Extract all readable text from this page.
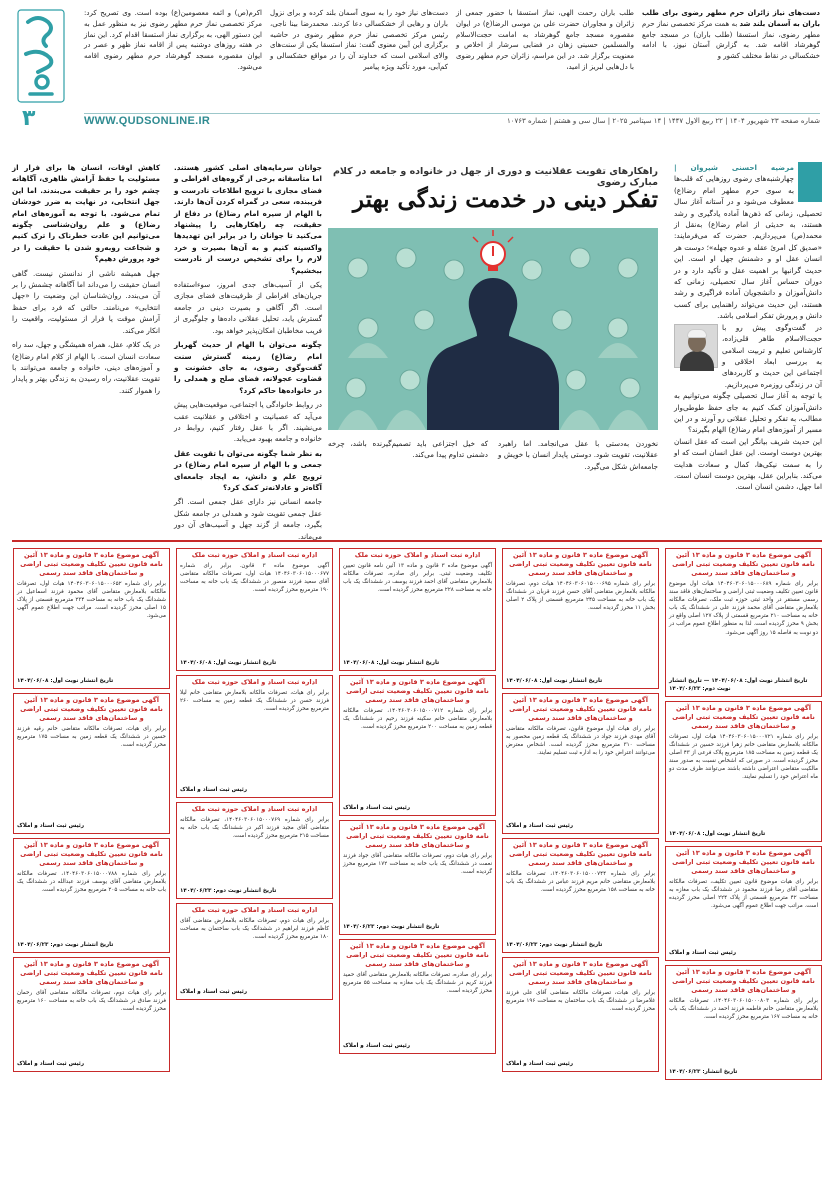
۳
دست‌های نیاز زائران حرم مطهر رضوی برای طلب باران به آسمان بلند شد به همت مرکز تخصصی نماز حرم مطهر رضوی، نماز استسقا (طلب باران) در مسجد جامع گوهرشاد اقامه شد. به گزارش آستان نیوز، با ادامه خشکسالی در نقاط مختلف کشور و
طلب باران رحمت الهی، نماز استسقا با حضور جمعی از زائران و مجاوران حضرت علی بن موسی الرضا(ع) در ایوان مقصوره مسجد جامع گوهرشاد به امامت حجت‌الاسلام والمسلمین حسینی زهان در فضایی سرشار از اخلاص و معنویت برگزار شد. در این مراسم، زائران حرم مطهر رضوی با دل‌هایی لبریز از امید،
دست‌های نیاز خود را به سوی آسمان بلند کرده و برای نزول باران و رهایی از خشکسالی دعا کردند. محمدرضا بینا ناجی، رئیس مرکز تخصصی نماز حرم مطهر رضوی در حاشیه برگزاری این آیین معنوی گفت: نماز استسقا یکی از سنت‌های والای اسلامی است که خداوند آن را در مواقع خشکسالی و کم‌آبی، مورد تأکید ویژه پیامبر
اکرم(ص) و ائمه معصومین(ع) بوده است. وی تصریح کرد: مرکز تخصصی نماز حرم مطهر رضوی نیز به منظور عمل به این دستور الهی، به برگزاری نماز استسقا اقدام کرد. این نماز در هفته روزهای دوشنبه پس از اقامه نماز ظهر و عصر در ایوان مقصوره مسجد گوهرشاد حرم مطهر رضوی اقامه می‌شود.
WWW.QUDSONLINE.IR	شماره صفحه ۲۳ شهریور ۱۴۰۴ | ۲۲ ربیع الاول ۱۴۴۷ | ۱۴ سپتامبر ۲۰۲۵ | سال سی و هشتم | شماره ۱۰۷۶۳

مرضیه احسنی شیروان | چهارشنبه‌های رضوی روزهایی که قلب‌ها به سوی حرم مطهر امام رضا(ع) معطوف می‌شود و در آستانه آغاز سال تحصیلی، زمانی که ذهن‌ها آماده یادگیری و رشد هستند، به حدیثی از امام رضا(ع) به‌نقل از محمد(ص) می‌پردازیم. حضرت که می‌فرمایند: «صدیق کل امرئ عقله و عدوه جهله»؛ دوست هر انسان عقل او و دشمنش جهل او است. این حدیث گرانبها بر اهمیت عقل و تأکید دارد و در دوران حساس آغاز سال تحصیلی، زمانی که دانش‌آموزان و دانشجویان آماده فراگیری و رشد هستند، این حدیث می‌تواند راهنمایی برای کسب دانش و پرورش تفکر اسلامی باشد.

در گفت‌وگوی پیش رو با حجت‌الاسلام طاهر قلی‌زاده، کارشناس تعلیم و تربیت اسلامی به بررسی ابعاد اخلاقی و اجتماعی این حدیث و کاربردهای آن در زندگی روزمره می‌پردازیم.

با توجه به آغاز سال تحصیلی چگونه می‌توانیم به دانش‌آموزان کمک کنیم به جای حفظ طوطی‌وار مطالب، به تفکر و تحلیل عقلانی رو آورند و در این مسیر از آموزه‌های امام رضا(ع) الهام بگیرند؟

این حدیث شریف بیانگر این است که عقل انسان بهترین دوست اوست. این عقل انسان است که او را به سمت نیکی‌ها، کمال و سعادت هدایت می‌کند. بنابراین عقل، بهترین دوست انسان است. اما جهل، دشمن انسان است.

راهکارهای تقویت عقلانیت و دوری از جهل در خانواده و جامعه در کلام مبارک رضوی
تفکر دینی در خدمت زندگی بهتر
نخوردن به‌دستی با عقل می‌انجامد. اما راهبرد عقلانیت، تقویت شود. دوستی پایدار انسان با خویش و جامعه‌اش شکل می‌گیرد.
که خیل اجتزاعی باید تصمیم‌گیرنده باشد، چرخه دشمنی تداوم پیدا می‌کند.

جوانان سرمایه‌های اصلی کشور هستند. اما متأسفانه برخی از گروه‌های افراطی و فضای مجازی با ترویج اطلاعات نادرست و فریبنده، سعی در گمراه کردن آن‌ها دارند. با الهام از سیره امام رضا(ع) در دفاع از حقیقت، چه راهکارهایی را پیشنهاد می‌کنید تا جوانان را در برابر این تهدیدها واکسینه کنیم و به آن‌ها بصیرت و خرد لازم را برای تشخیص درست از نادرست ببخشیم؟

یکی از آسیب‌های جدی امروز، سوءاستفاده جریان‌های افراطی از ظرفیت‌های فضای مجازی است. اگر آگاهی و بصیرت دینی در جامعه گسترش یابد، تحلیل عقلانی داده‌ها و جلوگیری از فریب مخاطبان امکان‌پذیر خواهد بود.

چگونه می‌توان با الهام از حدیث گهربار امام رضا(ع) زمینه گسترش سنت گفت‌وگوی رضوی، به جای خشونت و قضاوت عجولانه، فضای صلح و همدلی را در خانواده‌ها حاکم کرد؟

در روابط خانوادگی یا اجتماعی، موقعیت‌هایی پیش می‌آید که عصبانیت و اختلافی و عقلانیت عقب می‌نشیند. اگر با عقل رفتار کنیم، روابط در خانواده و جامعه بهبود می‌یابد.

به نظر شما چگونه می‌توان با تقویت عقل جمعی و با الهام از سیره امام رضا(ع) در ترویج علم و دانش، به ایجاد جامعه‌ای آگاه‌تر و عادلانه‌تر کمک کرد؟

جامعه انسانی نیز دارای عقل جمعی است. اگر عقل جمعی تقویت شود و همدلی در جامعه شکل بگیرد، جامعه از گزند جهل و آسیب‌های آن دور می‌ماند.

کاهش اوقات، انسان ها برای فرار از مسئولیت یا حفظ آرامش ظاهری، آگاهانه چشم خود را بر حقیقت می‌بندند. اما این جهل انتخابی، در نهایت به ضرر خودشان تمام می‌شود. با توجه به آموزه‌های امام رضا(ع) و علم روان‌شناسی چگونه می‌توانیم این عادت خطرناک را ترک کنیم و شجاعت روبه‌رو شدن با حقیقت را در خود پرورش دهیم؟

جهل همیشه ناشی از ندانستن نیست. گاهی انسان حقیقت را می‌داند اما آگاهانه چشمش را بر آن می‌بندد. روان‌شناسان این وضعیت را «جهل انتخابی» می‌نامند. حالتی که فرد برای حفظ آرامش موقت یا فرار از مسئولیت، واقعیت را انکار می‌کند.

در یک کلام، عقل، همراه همیشگی و جهل، سد راه سعادت انسان است. با الهام از کلام امام رضا(ع) و آموزه‌های دینی، خانواده و جامعه می‌توانند با تقویت عقلانیت، راه رسیدن به زندگی بهتر و پایدار را هموار کنند.

آگهی موضوع ماده ۳ قانون و ماده ۱۳ آئین نامه قانون تعیین تکلیف وضعیت ثبتی اراضی و ساختمان‌های فاقد سند رسمی
برابر رای شماره ۱۴۰۴۶۰۳۰۶۰۱۵۰۰۰۶۸۹ هیات اول موضوع قانون تعیین تکلیف وضعیت ثبتی اراضی و ساختمان‌های فاقد سند رسمی مستقر در واحد ثبتی حوزه ثبت ملک، تصرفات مالکانه بلامعارض متقاضی آقای محمد فرزند علی در ششدانگ یک باب خانه به مساحت ۲۱۰ مترمربع قسمتی از پلاک ۱۲۷ اصلی واقع در بخش ۹ محرز گردیده است. لذا به منظور اطلاع عموم مراتب در دو نوبت به فاصله ۱۵ روز آگهی می‌شود.
تاریخ انتشار نوبت اول: ۱۴۰۴/۰۶/۰۸ — تاریخ انتشار نوبت دوم: ۱۴۰۴/۰۶/۲۳
آگهی موضوع ماده ۳ قانون و ماده ۱۳ آئین نامه قانون تعیین تکلیف وضعیت ثبتی اراضی و ساختمان‌های فاقد سند رسمی
برابر رای شماره ۱۴۰۴۶۰۳۰۶۰۱۵۰۰۰۷۲۱ هیات اول، تصرفات مالکانه بلامعارض متقاضی خانم زهرا فرزند حسین در ششدانگ یک قطعه زمین به مساحت ۱۸۵ مترمربع پلاک فرعی از ۴۳ اصلی محرز گردیده است. در صورتی که اشخاص نسبت به صدور سند مالکیت متقاضی اعتراضی داشته باشند می‌توانند ظرف مدت دو ماه اعتراض خود را تسلیم نمایند.
تاریخ انتشار نوبت اول: ۱۴۰۴/۰۶/۰۸
آگهی موضوع ماده ۳ قانون و ماده ۱۳ آئین نامه قانون تعیین تکلیف وضعیت ثبتی اراضی و ساختمان‌های فاقد سند رسمی
برابر رای هیات موضوع قانون تعیین تکلیف، تصرفات مالکانه متقاضی آقای رضا فرزند محمود در ششدانگ یک باب مغازه به مساحت ۴۲ مترمربع قسمتی از پلاک ۲۲۴ اصلی محرز گردیده است. مراتب جهت اطلاع عموم آگهی می‌شود.
رئیس ثبت اسناد و املاک
آگهی موضوع ماده ۳ قانون و ماده ۱۳ آئین نامه قانون تعیین تکلیف وضعیت ثبتی اراضی و ساختمان‌های فاقد سند رسمی
برابر رای شماره ۱۴۰۴۶۰۳۰۶۰۱۵۰۰۰۸۰۳، تصرفات مالکانه بلامعارض متقاضی خانم فاطمه فرزند احمد در ششدانگ یک باب خانه به مساحت ۱۶۷ مترمربع محرز گردیده است.
تاریخ انتشار: ۱۴۰۴/۰۶/۲۳
آگهی موضوع ماده ۳ قانون و ماده ۱۳ آئین نامه قانون تعیین تکلیف وضعیت ثبتی اراضی و ساختمان‌های فاقد سند رسمی
برابر رای شماره ۱۴۰۴۶۰۳۰۶۰۱۵۰۰۰۶۹۵ هیات دوم، تصرفات مالکانه بلامعارض متقاضی آقای حسن فرزند قربان در ششدانگ یک باب خانه به مساحت ۲۴۵ مترمربع قسمتی از پلاک ۲ اصلی بخش ۱۱ محرز گردیده است.
تاریخ انتشار نوبت اول: ۱۴۰۴/۰۶/۰۸
آگهی موضوع ماده ۳ قانون و ماده ۱۳ آئین نامه قانون تعیین تکلیف وضعیت ثبتی اراضی و ساختمان‌های فاقد سند رسمی
برابر رای هیات اول موضوع قانون، تصرفات مالکانه متقاضی آقای مهدی فرزند جواد در ششدانگ یک قطعه زمین محصور به مساحت ۳۱۰ مترمربع محرز گردیده است. اشخاص معترض می‌توانند اعتراض خود را به اداره ثبت تسلیم نمایند.
رئیس ثبت اسناد و املاک
آگهی موضوع ماده ۳ قانون و ماده ۱۳ آئین نامه قانون تعیین تکلیف وضعیت ثبتی اراضی و ساختمان‌های فاقد سند رسمی
برابر رای شماره ۱۴۰۴۶۰۳۰۶۰۱۵۰۰۰۷۴۴، تصرفات مالکانه بلامعارض متقاضی خانم مریم فرزند عباس در ششدانگ یک باب خانه به مساحت ۱۵۸ مترمربع محرز گردیده است.
تاریخ انتشار نوبت دوم: ۱۴۰۴/۰۶/۲۳
آگهی موضوع ماده ۳ قانون و ماده ۱۳ آئین نامه قانون تعیین تکلیف وضعیت ثبتی اراضی و ساختمان‌های فاقد سند رسمی
برابر رای هیات، تصرفات مالکانه متقاضی آقای علی فرزند غلامرضا در ششدانگ یک باب ساختمان به مساحت ۱۹۶ مترمربع محرز گردیده است.
رئیس ثبت اسناد و املاک
اداره ثبت اسناد و املاک حوزه ثبت ملک
آگهی موضوع ماده ۳ قانون و ماده ۱۳ آئین نامه قانون تعیین تکلیف وضعیت ثبتی. برابر رای صادره، تصرفات مالکانه بلامعارض متقاضی آقای احمد فرزند یوسف در ششدانگ یک باب خانه به مساحت ۲۲۸ مترمربع محرز گردیده است.
تاریخ انتشار نوبت اول: ۱۴۰۴/۰۶/۰۸
آگهی موضوع ماده ۳ قانون و ماده ۱۳ آئین نامه قانون تعیین تکلیف وضعیت ثبتی اراضی و ساختمان‌های فاقد سند رسمی
برابر رای شماره ۱۴۰۴۶۰۳۰۶۰۱۵۰۰۰۷۱۲، تصرفات مالکانه بلامعارض متقاضی خانم سکینه فرزند رحیم در ششدانگ یک قطعه زمین به مساحت ۲۰۰ مترمربع محرز گردیده است.
رئیس ثبت اسناد و املاک
آگهی موضوع ماده ۳ قانون و ماده ۱۳ آئین نامه قانون تعیین تکلیف وضعیت ثبتی اراضی و ساختمان‌های فاقد سند رسمی
برابر رای هیات دوم، تصرفات مالکانه متقاضی آقای جواد فرزند نعمت در ششدانگ یک باب خانه به مساحت ۱۷۲ مترمربع محرز گردیده است.
تاریخ انتشار نوبت دوم: ۱۴۰۴/۰۶/۲۳
آگهی موضوع ماده ۳ قانون و ماده ۱۳ آئین نامه قانون تعیین تکلیف وضعیت ثبتی اراضی و ساختمان‌های فاقد سند رسمی
برابر رای صادره، تصرفات مالکانه بلامعارض متقاضی آقای حمید فرزند کریم در ششدانگ یک باب مغازه به مساحت ۵۵ مترمربع محرز گردیده است.
رئیس ثبت اسناد و املاک
اداره ثبت اسناد و املاک حوزه ثبت ملک
آگهی موضوع ماده ۳ قانون. برابر رای شماره ۱۴۰۴۶۰۳۰۶۰۱۵۰۰۰۶۷۷ هیات اول، تصرفات مالکانه متقاضی آقای سعید فرزند منصور در ششدانگ یک باب خانه به مساحت ۱۹۰ مترمربع محرز گردیده است.
تاریخ انتشار نوبت اول: ۱۴۰۴/۰۶/۰۸
اداره ثبت اسناد و املاک حوزه ثبت ملک
برابر رای هیات، تصرفات مالکانه بلامعارض متقاضی خانم لیلا فرزند حسن در ششدانگ یک قطعه زمین به مساحت ۲۶۰ مترمربع محرز گردیده است.
رئیس ثبت اسناد و املاک
اداره ثبت اسناد و املاک حوزه ثبت ملک
برابر رای شماره ۱۴۰۴۶۰۳۰۶۰۱۵۰۰۰۷۶۹، تصرفات مالکانه متقاضی آقای مجید فرزند اکبر در ششدانگ یک باب خانه به مساحت ۲۱۵ مترمربع محرز گردیده است.
تاریخ انتشار نوبت دوم: ۱۴۰۴/۰۶/۲۳
اداره ثبت اسناد و املاک حوزه ثبت ملک
برابر رای هیات دوم، تصرفات مالکانه بلامعارض متقاضی آقای کاظم فرزند ابراهیم در ششدانگ یک باب ساختمان به مساحت ۱۸۰ مترمربع محرز گردیده است.
رئیس ثبت اسناد و املاک
آگهی موضوع ماده ۳ قانون و ماده ۱۳ آئین نامه قانون تعیین تکلیف وضعیت ثبتی اراضی و ساختمان‌های فاقد سند رسمی
برابر رای شماره ۱۴۰۴۶۰۳۰۶۰۱۵۰۰۰۶۵۲ هیات اول، تصرفات مالکانه بلامعارض متقاضی آقای محمود فرزند اسماعیل در ششدانگ یک باب خانه به مساحت ۲۳۴ مترمربع قسمتی از پلاک ۱۵ اصلی محرز گردیده است. مراتب جهت اطلاع عموم آگهی می‌شود.
تاریخ انتشار نوبت اول: ۱۴۰۴/۰۶/۰۸
آگهی موضوع ماده ۳ قانون و ماده ۱۳ آئین نامه قانون تعیین تکلیف وضعیت ثبتی اراضی و ساختمان‌های فاقد سند رسمی
برابر رای هیات، تصرفات مالکانه متقاضی خانم رقیه فرزند حسین در ششدانگ یک قطعه زمین به مساحت ۱۷۵ مترمربع محرز گردیده است.
رئیس ثبت اسناد و املاک
آگهی موضوع ماده ۳ قانون و ماده ۱۳ آئین نامه قانون تعیین تکلیف وضعیت ثبتی اراضی و ساختمان‌های فاقد سند رسمی
برابر رای شماره ۱۴۰۴۶۰۳۰۶۰۱۵۰۰۰۷۸۸، تصرفات مالکانه بلامعارض متقاضی آقای یوسف فرزند عبدالله در ششدانگ یک باب خانه به مساحت ۲۰۵ مترمربع محرز گردیده است.
تاریخ انتشار نوبت دوم: ۱۴۰۴/۰۶/۲۳
آگهی موضوع ماده ۳ قانون و ماده ۱۳ آئین نامه قانون تعیین تکلیف وضعیت ثبتی اراضی و ساختمان‌های فاقد سند رسمی
برابر رای هیات دوم، تصرفات مالکانه متقاضی آقای رحمان فرزند صادق در ششدانگ یک باب خانه به مساحت ۱۶۰ مترمربع محرز گردیده است.
رئیس ثبت اسناد و املاک
